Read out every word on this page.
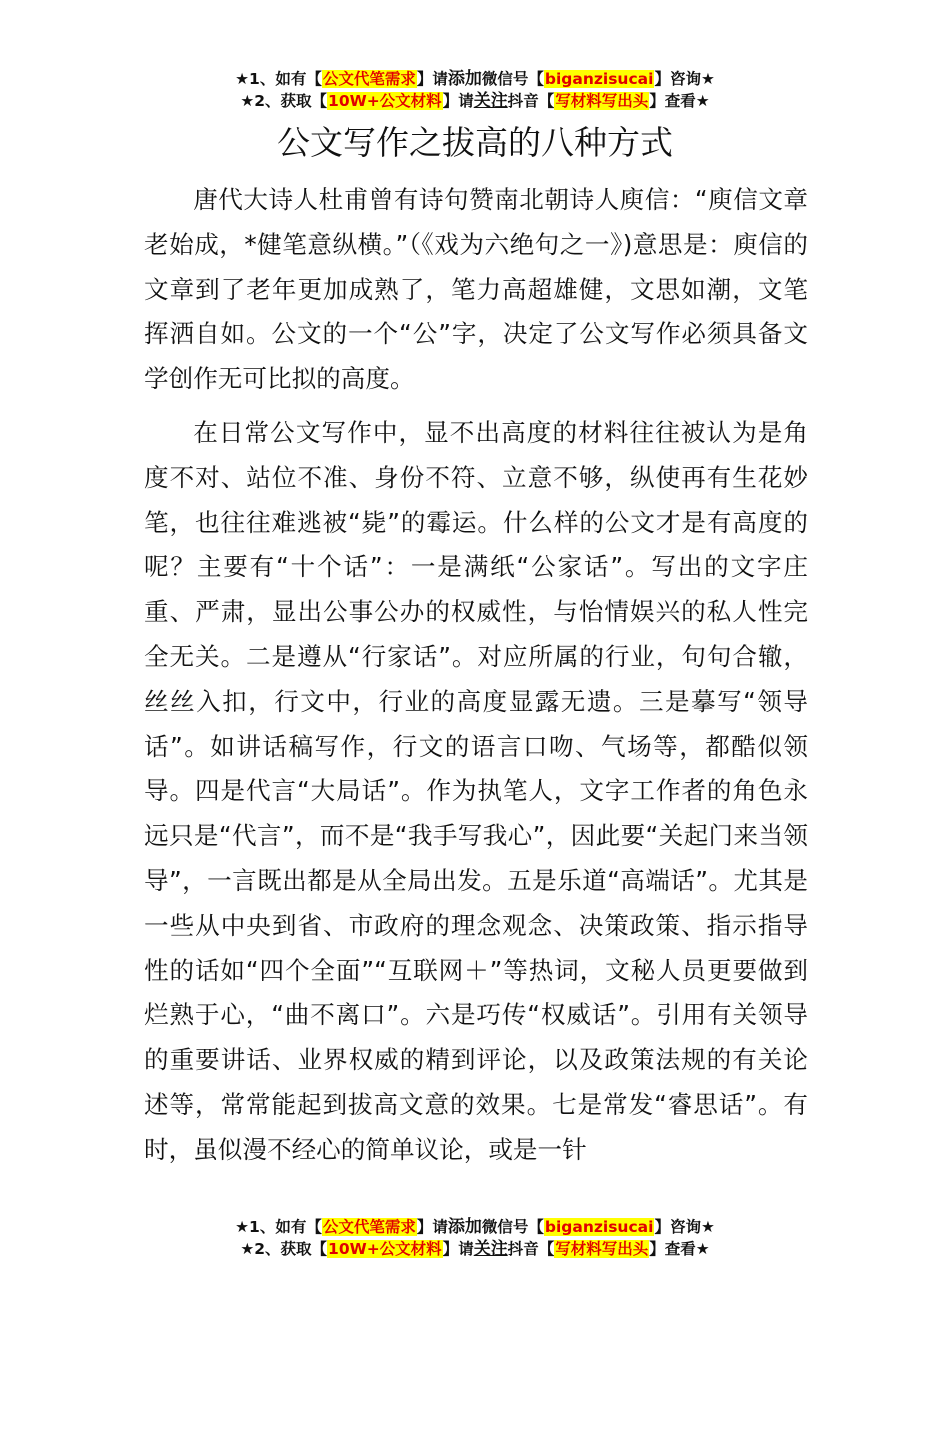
★1、如有【公文代笔需求】请添加微信号【biganzisucai】咨询★
★2、获取【10W+公文材料】请关注抖音【写材料写出头】查看★
公文写作之拔高的八种方式

唐代大诗人杜甫曾有诗句赞南北朝诗人庾信：“庾信文章老始成，*健笔意纵横。”（《戏为六绝句之一》)意思是：庾信的文章到了老年更加成熟了，笔力高超雄健，文思如潮，文笔挥洒自如。公文的一个“公”字，决定了公文写作必须具备文学创作无可比拟的高度。

在日常公文写作中，显不出高度的材料往往被认为是角度不对、站位不准、身份不符、立意不够，纵使再有生花妙笔，也往往难逃被“毙”的霉运。什么样的公文才是有高度的呢？主要有“十个话”：一是满纸“公家话”。写出的文字庄重、严肃，显出公事公办的权威性，与怡情娱兴的私人性完全无关。二是遵从“行家话”。对应所属的行业，句句合辙，丝丝入扣，行文中，行业的高度显露无遗。三是摹写“领导话”。如讲话稿写作，行文的语言口吻、气场等，都酷似领导。四是代言“大局话”。作为执笔人，文字工作者的角色永远只是“代言”，而不是“我手写我心”，因此要“关起门来当领导”，一言既出都是从全局出发。五是乐道“高端话”。尤其是一些从中央到省、市政府的理念观念、决策政策、指示指导性的话如“四个全面”“互联网＋”等热词，文秘人员更要做到烂熟于心，“曲不离口”。六是巧传“权威话”。引用有关领导的重要讲话、业界权威的精到评论，以及政策法规的有关论述等，常常能起到拔高文意的效果。七是常发“睿思话”。有时，虽似漫不经心的简单议论，或是一针

★1、如有【公文代笔需求】请添加微信号【biganzisucai】咨询★
★2、获取【10W+公文材料】请关注抖音【写材料写出头】查看★
